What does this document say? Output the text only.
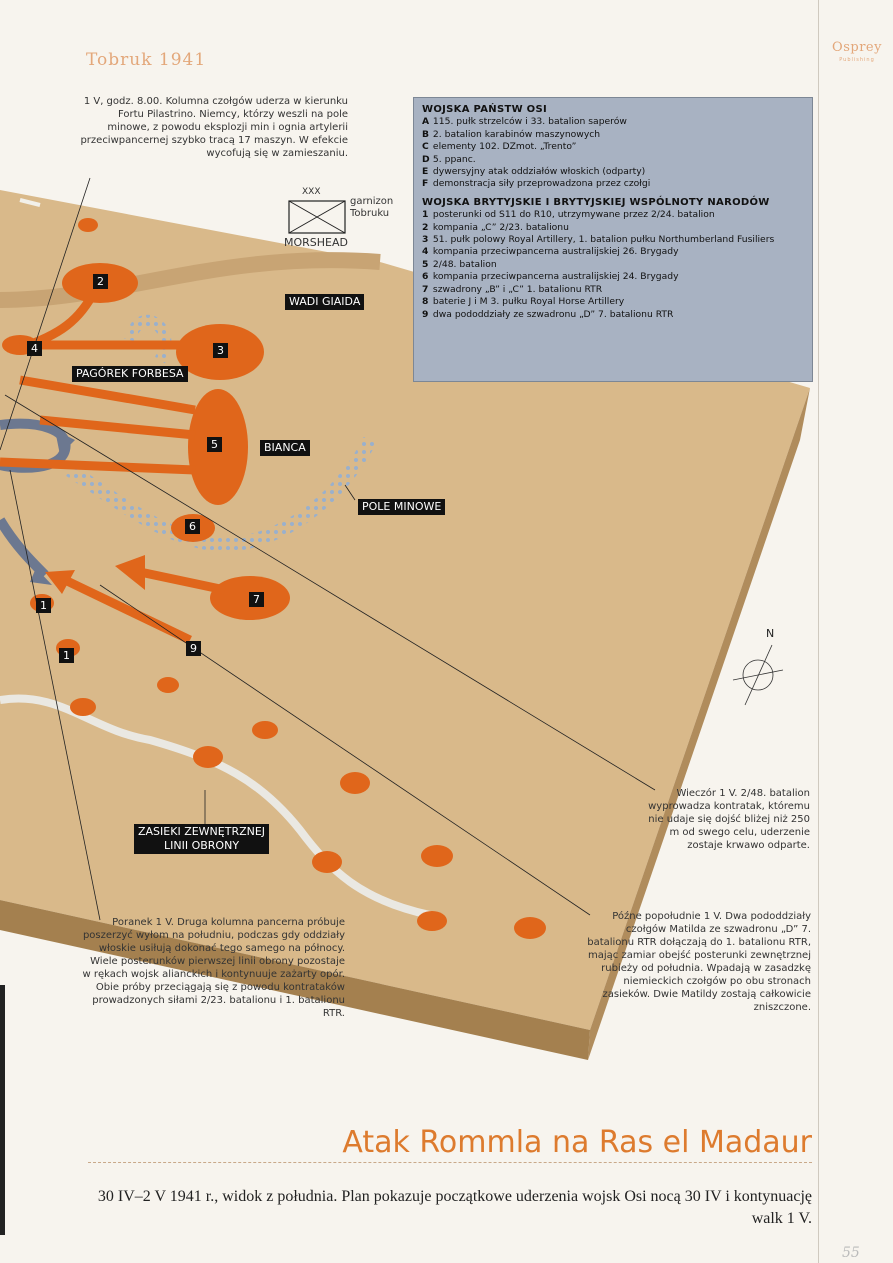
Tobruk 1941
Osprey
Publishing
N
XXX
MORSHEAD
garnizon
Tobruku
WADI GIAIDA
PAGÓREK FORBESA
BIANCA
POLE MINOWE
ZASIEKI ZEWNĘTRZNEJ
LINII OBRONY
2
3
4
5
6
7
9
1
1
WOJSKA PAŃSTW OSI
A 115. pułk strzelców i 33. batalion saperów
B 2. batalion karabinów maszynowych
C elementy 102. DZmot. „Trento”
D 5. ppanc.
E dywersyjny atak oddziałów włoskich (odparty)
F demonstracja siły przeprowadzona przez czołgi
WOJSKA BRYTYJSKIE I BRYTYJSKIEJ WSPÓLNOTY NARODÓW
1 posterunki od S11 do R10, utrzymywane przez 2/24. batalion
2 kompania „C” 2/23. batalionu
3 51. pułk polowy Royal Artillery, 1. batalion pułku Northumberland Fusiliers
4 kompania przeciwpancerna australijskiej 26. Brygady
5 2/48. batalion
6 kompania przeciwpancerna australijskiej 24. Brygady
7 szwadrony „B” i „C” 1. batalionu RTR
8 baterie J i M 3. pułku Royal Horse Artillery
9 dwa pododdziały ze szwadronu „D” 7. batalionu RTR
1 V, godz. 8.00. Kolumna czołgów uderza w kierunku Fortu Pilastrino. Niemcy, którzy weszli na pole minowe, z powodu eksplozji min i ognia artylerii przeciwpancernej szybko tracą 17 maszyn. W efekcie wycofują się w zamieszaniu.
Poranek 1 V. Druga kolumna pancerna próbuje poszerzyć wyłom na południu, podczas gdy oddziały włoskie usiłują dokonać tego samego na północy. Wiele posterunków pierwszej linii obrony pozostaje w rękach wojsk alianckich i kontynuuje zażarty opór. Obie próby przeciągają się z powodu kontrataków prowadzonych siłami 2/23. batalionu i 1. batalionu RTR.
Wieczór 1 V. 2/48. batalion wyprowadza kontratak, któremu nie udaje się dojść bliżej niż 250 m od swego celu, uderzenie zostaje krwawo odparte.
Późne popołudnie 1 V. Dwa pododdziały czołgów Matilda ze szwadronu „D” 7. batalionu RTR dołączają do 1. batalionu RTR, mając zamiar obejść posterunki zewnętrznej rubieży od południa. Wpadają w zasadzkę niemieckich czołgów po obu stronach zasieków. Dwie Matildy zostają całkowicie zniszczone.
Atak Rommla na Ras el Madaur
30 IV–2 V 1941 r., widok z południa. Plan pokazuje początkowe uderzenia wojsk Osi nocą 30 IV i kontynuację walk 1 V.
55
